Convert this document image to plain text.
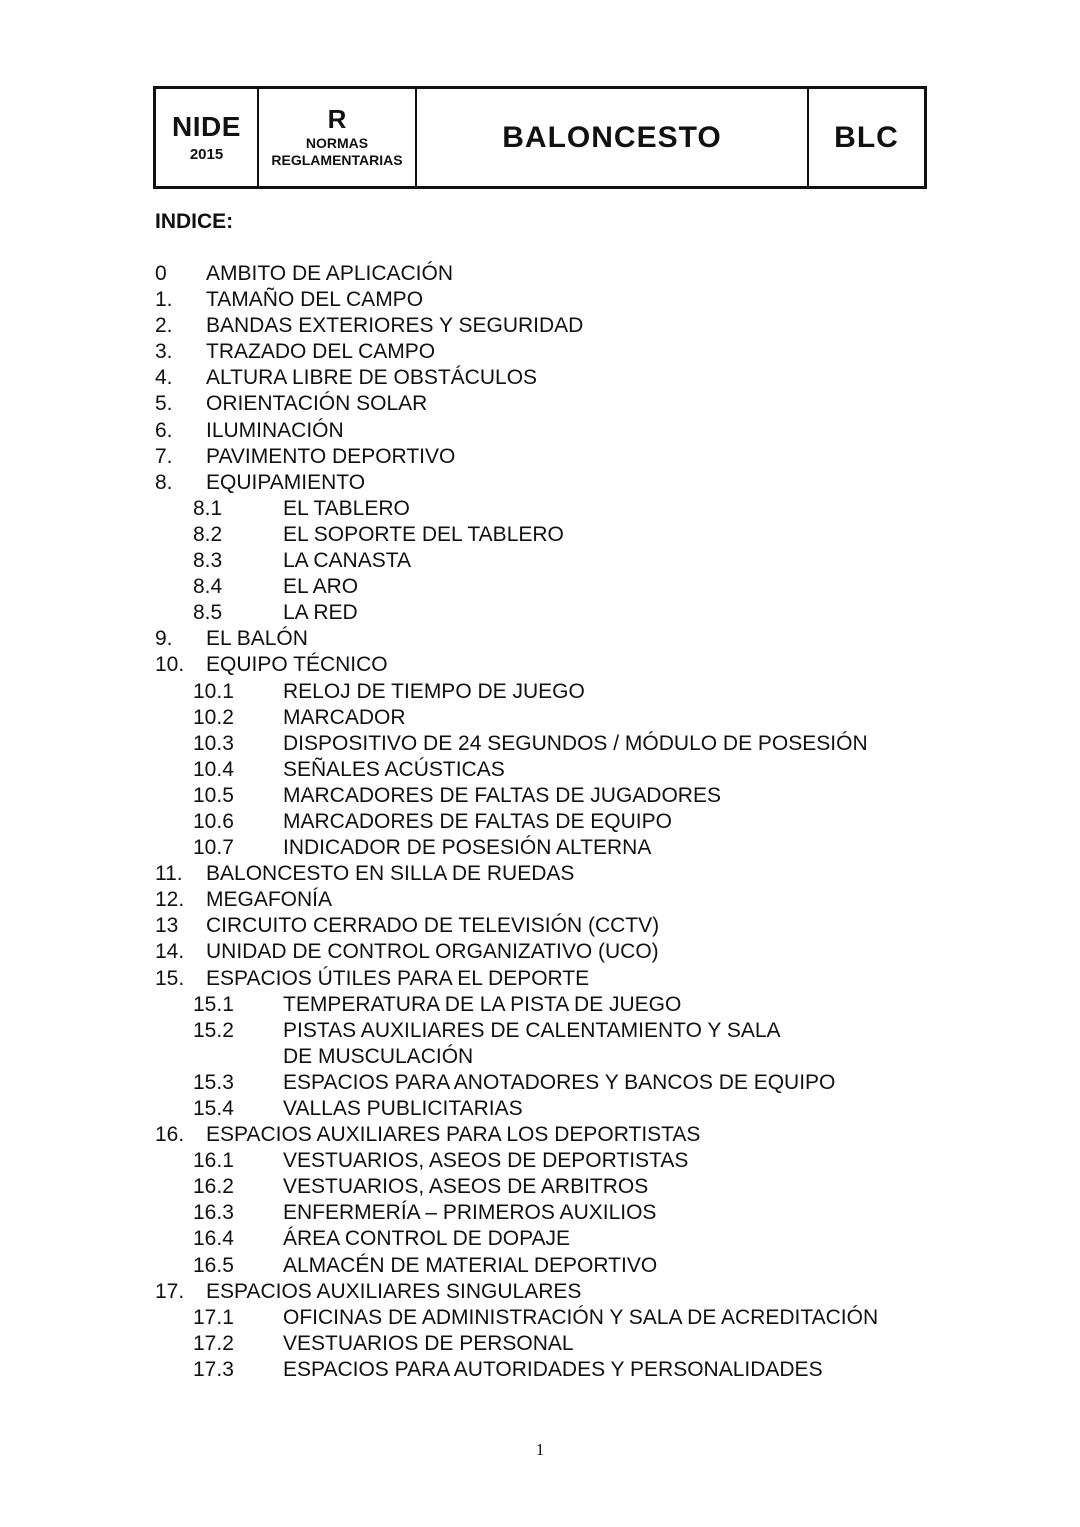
NIDE
2015
R
NORMAS
REGLAMENTARIAS
BALONCESTO	BLC
INDICE:
0	AMBITO DE APLICACIÓN
1.	TAMAÑO DEL CAMPO
2.	BANDAS EXTERIORES Y SEGURIDAD
3.	TRAZADO DEL CAMPO
4.	ALTURA LIBRE DE OBSTÁCULOS
5.	ORIENTACIÓN SOLAR
6.	ILUMINACIÓN
7.	PAVIMENTO DEPORTIVO
8.	EQUIPAMIENTO
8.1	EL TABLERO
8.2	EL SOPORTE DEL TABLERO
8.3	LA CANASTA
8.4	EL ARO
8.5	LA RED
9.	EL BALÓN
10.	EQUIPO TÉCNICO
10.1	RELOJ DE TIEMPO DE JUEGO
10.2	MARCADOR
10.3	DISPOSITIVO DE 24 SEGUNDOS / MÓDULO DE POSESIÓN
10.4	SEÑALES ACÚSTICAS
10.5	MARCADORES DE FALTAS DE JUGADORES
10.6	MARCADORES DE FALTAS DE EQUIPO
10.7	INDICADOR DE POSESIÓN ALTERNA
11.	BALONCESTO EN SILLA DE RUEDAS
12.	MEGAFONÍA
13	CIRCUITO CERRADO DE TELEVISIÓN (CCTV)
14.	UNIDAD DE CONTROL ORGANIZATIVO (UCO)
15.	ESPACIOS ÚTILES PARA EL DEPORTE
15.1	TEMPERATURA DE LA PISTA DE JUEGO
15.2	PISTAS AUXILIARES DE CALENTAMIENTO Y SALA DE MUSCULACIÓN
15.3	ESPACIOS PARA ANOTADORES Y BANCOS DE EQUIPO
15.4	VALLAS PUBLICITARIAS
16.	ESPACIOS AUXILIARES PARA LOS DEPORTISTAS
16.1	VESTUARIOS, ASEOS DE DEPORTISTAS
16.2	VESTUARIOS, ASEOS DE ARBITROS
16.3	ENFERMERÍA – PRIMEROS AUXILIOS
16.4	ÁREA CONTROL DE DOPAJE
16.5	ALMACÉN DE MATERIAL DEPORTIVO
17.	ESPACIOS AUXILIARES SINGULARES
17.1	OFICINAS DE ADMINISTRACIÓN Y SALA DE ACREDITACIÓN
17.2	VESTUARIOS DE PERSONAL
17.3	ESPACIOS PARA AUTORIDADES Y PERSONALIDADES
1
